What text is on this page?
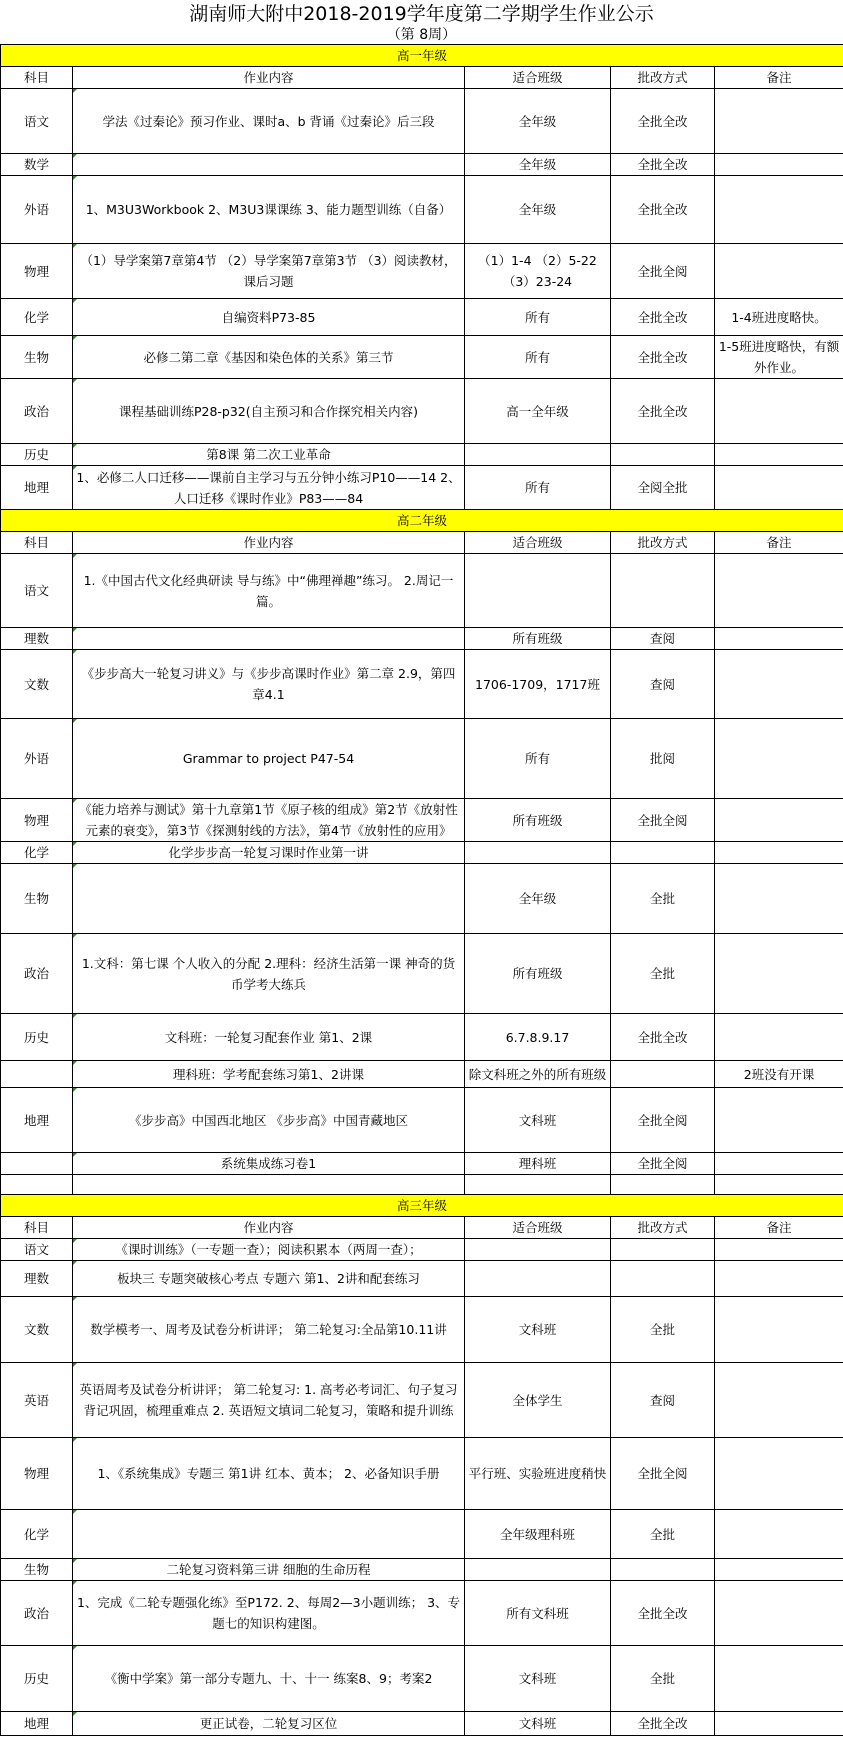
湖南师大附中2018-2019学年度第二学期学生作业公示
（第 8周）
高一年级				
科目	作业内容	适合班级	批改方式	备注
语文	学法《过秦论》预习作业、课时a、b 背诵《过秦论》后三段	全年级	全批全改	
数学		全年级	全批全改	
外语	1、M3U3Workbook 2、M3U3课课练 3、能力题型训练（自备）	全年级	全批全改	
物理	（1）导学案第7章第4节 （2）导学案第7章第3节 （3）阅读教材，课后习题	（1）1-4 （2）5-22 （3）23-24	全批全阅	
化学	自编资料P73-85	所有	全批全改	1-4班进度略快。
生物	必修二第二章《基因和染色体的关系》第三节	所有	全批全改	1-5班进度略快，有额外作业。
政治	课程基础训练P28-p32(自主预习和合作探究相关内容)	高一全年级	全批全改	
历史	第8课 第二次工业革命

地理	1、必修二人口迁移——课前自主学习与五分钟小练习P10——14 2、人口迁移《课时作业》P83——84	所有	全阅全批	
高二年级				
科目	作业内容	适合班级	批改方式	备注
语文	1.《中国古代文化经典研读 导与练》中“佛理禅趣”练习。 2.周记一篇。

理数		所有班级	查阅	
文数	《步步高大一轮复习讲义》与《步步高课时作业》第二章 2.9，第四章4.1	1706-1709，1717班	查阅	
外语	Grammar to project P47-54	所有	批阅	
物理	《能力培养与测试》第十九章第1节《原子核的组成》第2节《放射性元素的衰变》，第3节《探测射线的方法》，第4节《放射性的应用》	所有班级	全批全阅	
化学	化学步步高一轮复习课时作业第一讲

生物		全年级	全批	
政治	1.文科：第七课 个人收入的分配 2.理科：经济生活第一课 神奇的货币学考大练兵	所有班级	全批	
历史	文科班：一轮复习配套作业 第1、2课	6.7.8.9.17	全批全改	
	理科班：学考配套练习第1、2讲课	除文科班之外的所有班级		2班没有开课
地理	《步步高》中国西北地区 《步步高》中国青藏地区	文科班	全批全阅	
	系统集成练习卷1	理科班	全批全阅	

高三年级				
科目	作业内容	适合班级	批改方式	备注
语文	《课时训练》（一专题一查）；阅读积累本（两周一查）；

理数	板块三 专题突破核心考点 专题六 第1、2讲和配套练习

文数	数学模考一、周考及试卷分析讲评； 第二轮复习:全品第10.11讲	文科班	全批	
英语	英语周考及试卷分析讲评； 第二轮复习: 1. 高考必考词汇、句子复习背记巩固，梳理重难点 2. 英语短文填词二轮复习，策略和提升训练	全体学生	查阅	
物理	1、《系统集成》专题三 第1讲 红本、黄本； 2、必备知识手册	平行班、实验班进度稍快	全批全阅	
化学		全年级理科班	全批	
生物	二轮复习资料第三讲 细胞的生命历程

政治	1、完成《二轮专题强化练》至P172. 2、每周2—3小题训练； 3、专题七的知识构建图。	所有文科班	全批全改	
历史	《衡中学案》第一部分专题九、十、十一 练案8、9；考案2	文科班	全批	
地理	更正试卷，二轮复习区位	文科班	全批全改	
